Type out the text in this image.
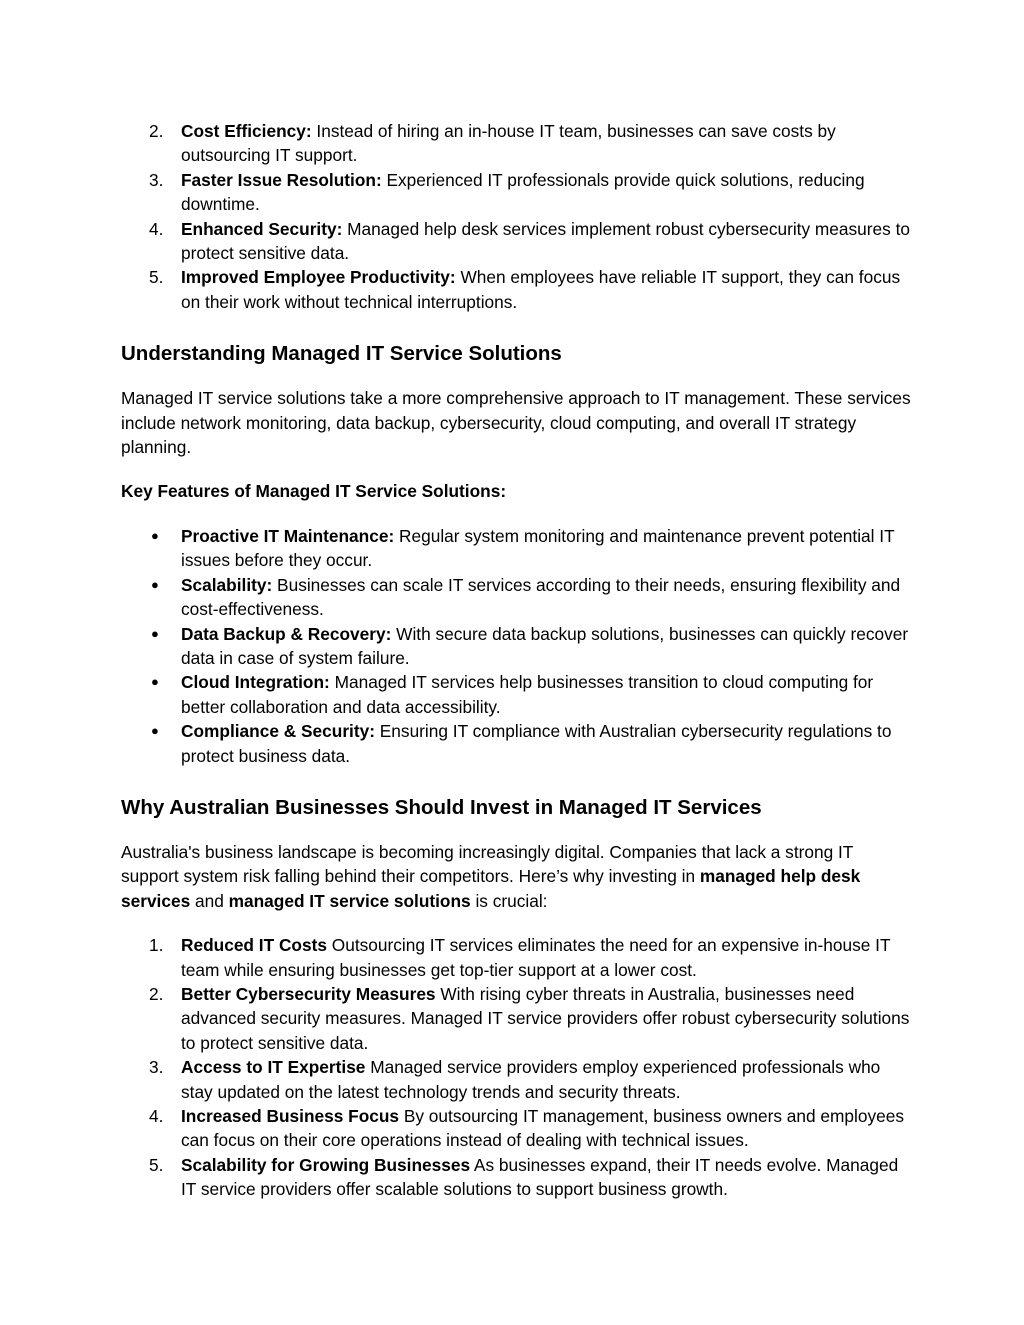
2. Cost Efficiency: Instead of hiring an in-house IT team, businesses can save costs by outsourcing IT support.
3. Faster Issue Resolution: Experienced IT professionals provide quick solutions, reducing downtime.
4. Enhanced Security: Managed help desk services implement robust cybersecurity measures to protect sensitive data.
5. Improved Employee Productivity: When employees have reliable IT support, they can focus on their work without technical interruptions.
Understanding Managed IT Service Solutions

Managed IT service solutions take a more comprehensive approach to IT management. These services include network monitoring, data backup, cybersecurity, cloud computing, and overall IT strategy planning.

Key Features of Managed IT Service Solutions:

● Proactive IT Maintenance: Regular system monitoring and maintenance prevent potential IT issues before they occur.
● Scalability: Businesses can scale IT services according to their needs, ensuring flexibility and cost-effectiveness.
● Data Backup & Recovery: With secure data backup solutions, businesses can quickly recover data in case of system failure.
● Cloud Integration: Managed IT services help businesses transition to cloud computing for better collaboration and data accessibility.
● Compliance & Security: Ensuring IT compliance with Australian cybersecurity regulations to protect business data.
Why Australian Businesses Should Invest in Managed IT Services

Australia's business landscape is becoming increasingly digital. Companies that lack a strong IT support system risk falling behind their competitors. Here’s why investing in managed help desk services and managed IT service solutions is crucial:

1. Reduced IT Costs Outsourcing IT services eliminates the need for an expensive in-house IT team while ensuring businesses get top-tier support at a lower cost.
2. Better Cybersecurity Measures With rising cyber threats in Australia, businesses need advanced security measures. Managed IT service providers offer robust cybersecurity solutions to protect sensitive data.
3. Access to IT Expertise Managed service providers employ experienced professionals who stay updated on the latest technology trends and security threats.
4. Increased Business Focus By outsourcing IT management, business owners and employees can focus on their core operations instead of dealing with technical issues.
5. Scalability for Growing Businesses As businesses expand, their IT needs evolve. Managed IT service providers offer scalable solutions to support business growth.
